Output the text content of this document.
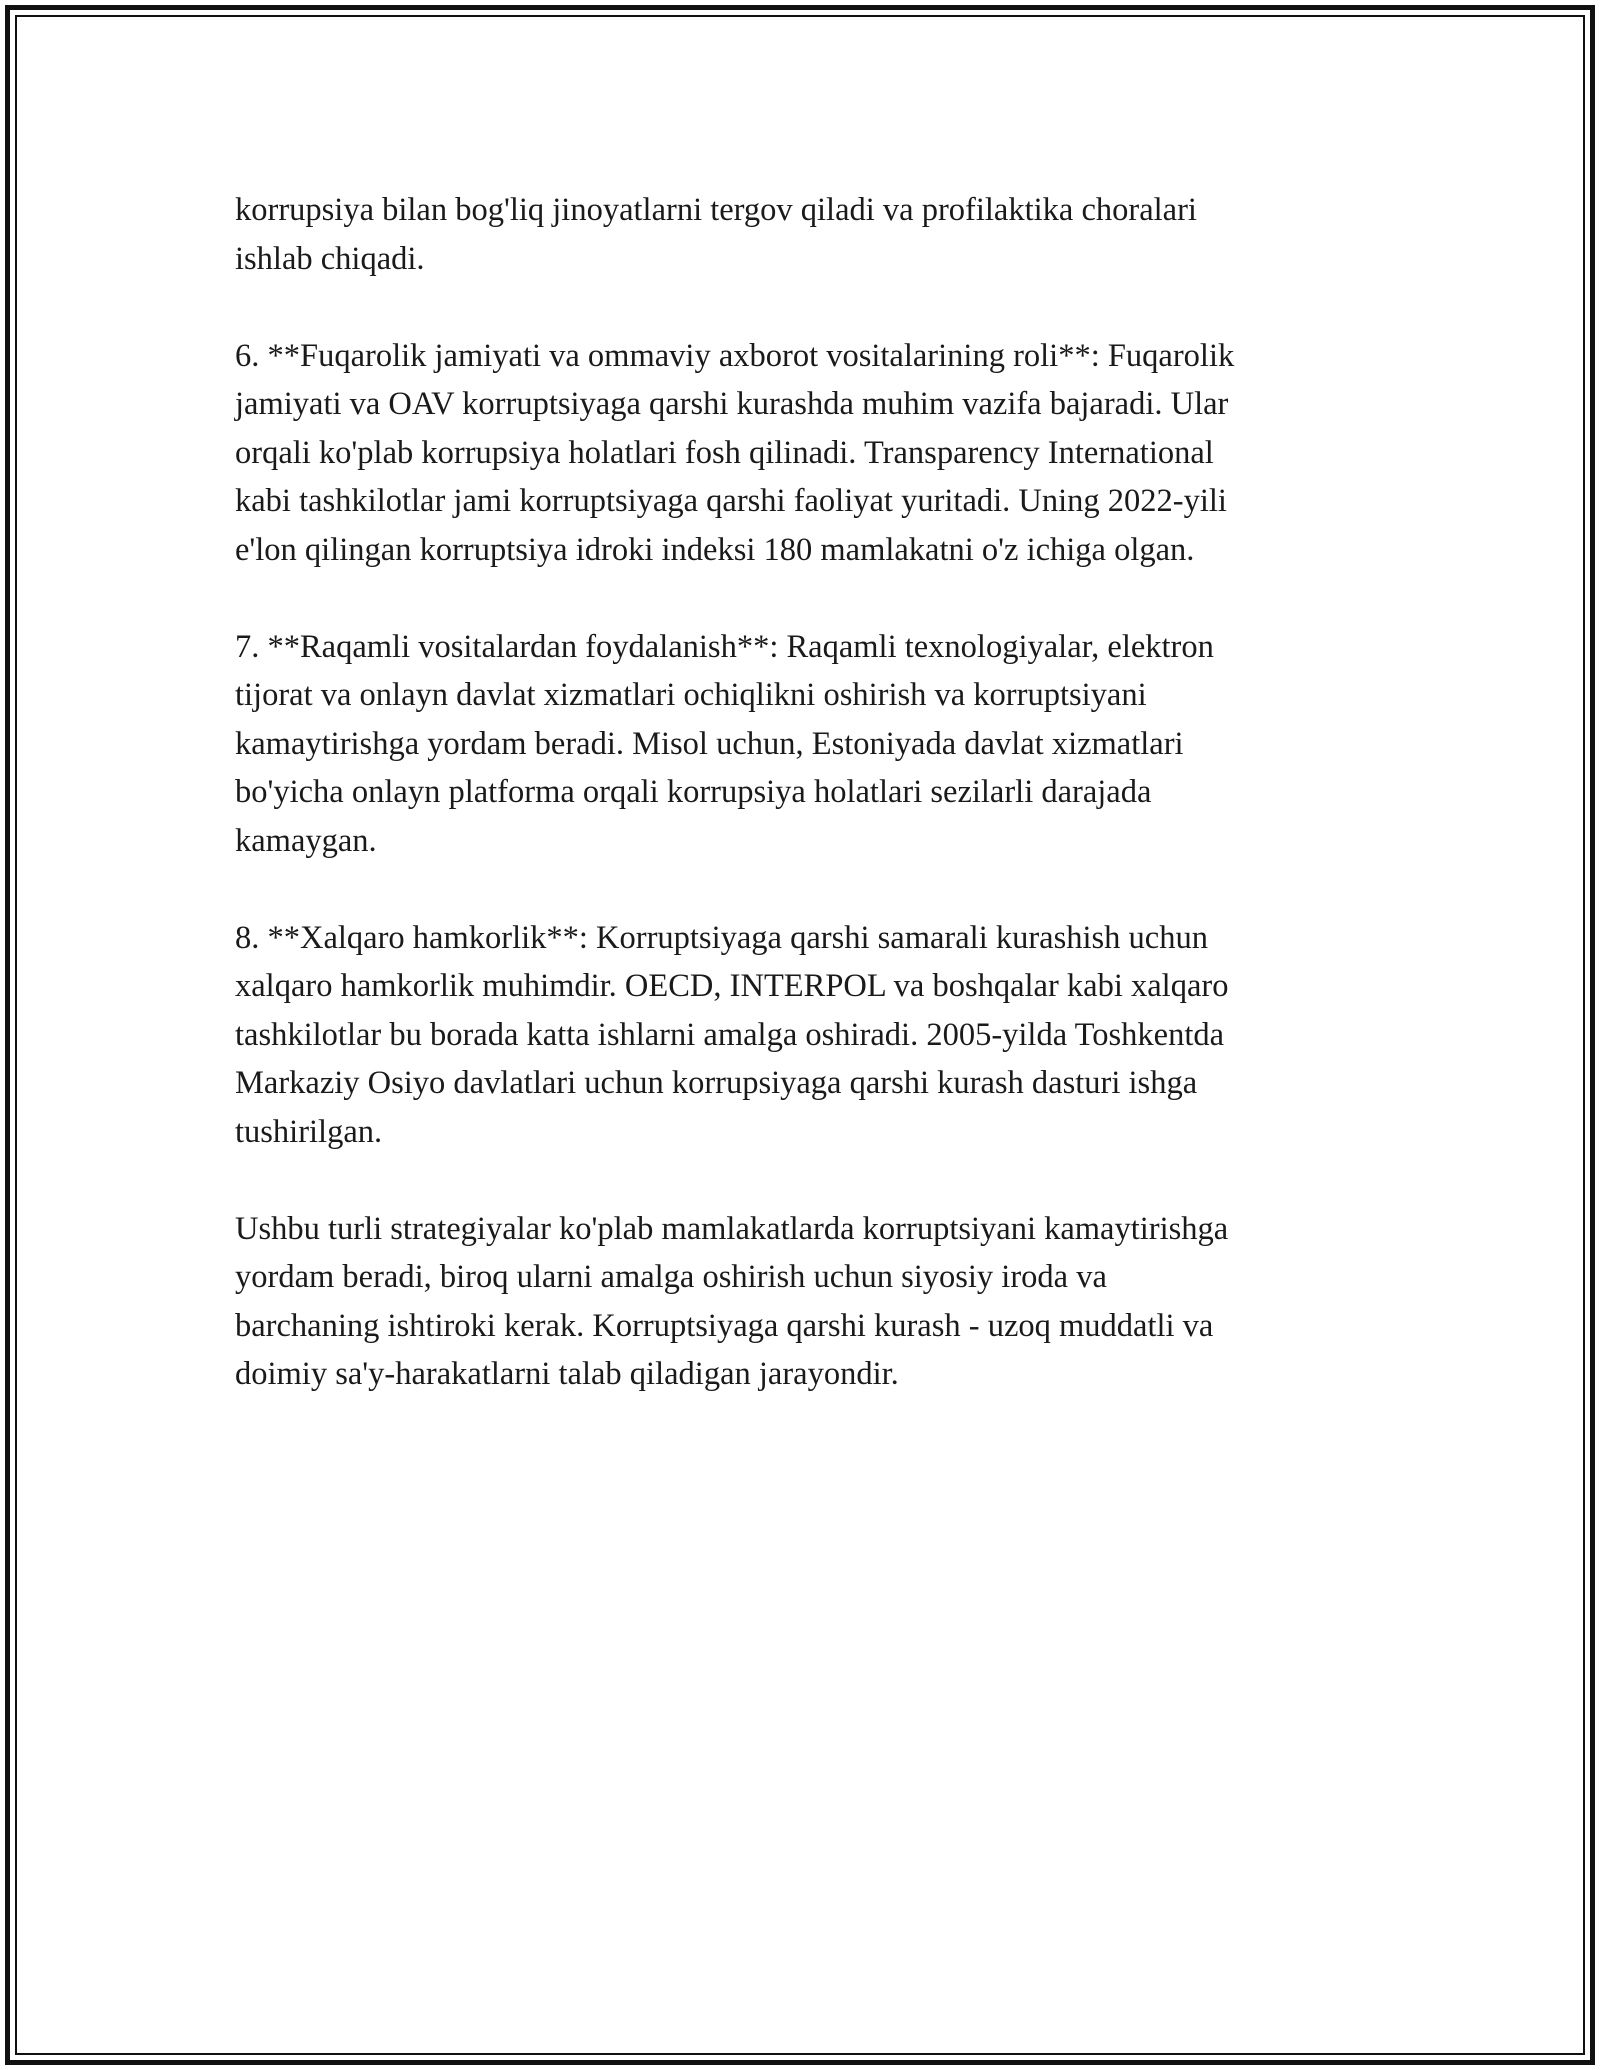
korrupsiya bilan bog'liq jinoyatlarni tergov qiladi va profilaktika choralari
ishlab chiqadi.

6. **Fuqarolik jamiyati va ommaviy axborot vositalarining roli**: Fuqarolik
jamiyati va OAV korruptsiyaga qarshi kurashda muhim vazifa bajaradi. Ular
orqali ko'plab korrupsiya holatlari fosh qilinadi. Transparency International
kabi tashkilotlar jami korruptsiyaga qarshi faoliyat yuritadi. Uning 2022-yili
e'lon qilingan korruptsiya idroki indeksi 180 mamlakatni o'z ichiga olgan.

7. **Raqamli vositalardan foydalanish**: Raqamli texnologiyalar, elektron
tijorat va onlayn davlat xizmatlari ochiqlikni oshirish va korruptsiyani
kamaytirishga yordam beradi. Misol uchun, Estoniyada davlat xizmatlari
bo'yicha onlayn platforma orqali korrupsiya holatlari sezilarli darajada
kamaygan.

8. **Xalqaro hamkorlik**: Korruptsiyaga qarshi samarali kurashish uchun
xalqaro hamkorlik muhimdir. OECD, INTERPOL va boshqalar kabi xalqaro
tashkilotlar bu borada katta ishlarni amalga oshiradi. 2005-yilda Toshkentda
Markaziy Osiyo davlatlari uchun korrupsiyaga qarshi kurash dasturi ishga
tushirilgan.

Ushbu turli strategiyalar ko'plab mamlakatlarda korruptsiyani kamaytirishga
yordam beradi, biroq ularni amalga oshirish uchun siyosiy iroda va
barchaning ishtiroki kerak. Korruptsiyaga qarshi kurash - uzoq muddatli va
doimiy sa'y-harakatlarni talab qiladigan jarayondir.
